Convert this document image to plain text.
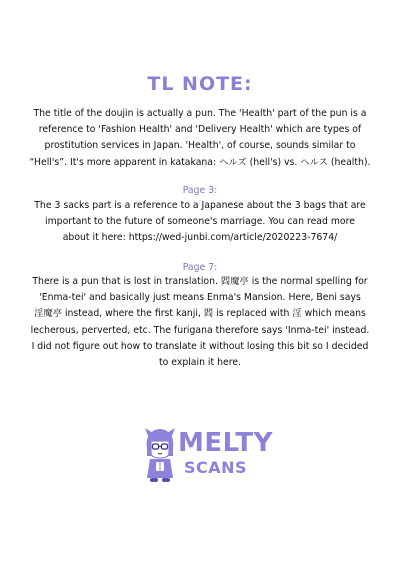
TL NOTE:

The title of the doujin is actually a pun. The 'Health' part of the pun is a

reference to 'Fashion Health' and 'Delivery Health' which are types of

prostitution services in Japan. 'Health', of course, sounds similar to

“Hell's”. It's more apparent in katakana: ヘルズ (hell's) vs. ヘルス (health).

Page 3:

The 3 sacks part is a reference to a Japanese about the 3 bags that are

important to the future of someone's marriage. You can read more

about it here: https://wed-junbi.com/article/2020223-7674/

Page 7:

There is a pun that is lost in translation. 閻魔亭 is the normal spelling for

'Enma-tei' and basically just means Enma's Mansion. Here, Beni says

淫魔亭 instead, where the first kanji, 閻 is replaced with 淫 which means

lecherous, perverted, etc. The furigana therefore says 'Inma-tei' instead.

I did not figure out how to translate it without losing this bit so I decided

to explain it here.

MELTY
SCANS
